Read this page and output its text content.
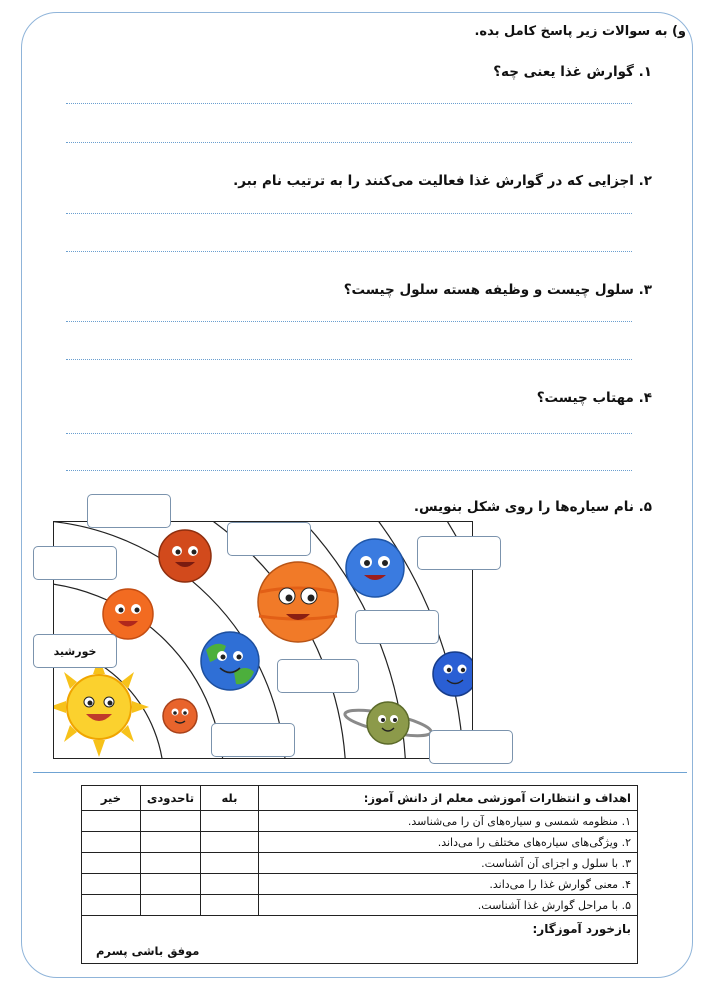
و) به سوالات زیر پاسخ کامل بده.
۱. گوارش غذا یعنی چه؟
۲. اجزایی که در گوارش غذا فعالیت می‌کنند را به ترتیب نام ببر.
۳. سلول چیست و وظیفه هسته سلول چیست؟
۴. مهتاب چیست؟
۵. نام سیاره‌ها را روی شکل بنویس.
خورشید
اهداف و انتظارات آموزشی معلم از دانش آموز:	بله	تاحدودی	خیر
۱. منظومه شمسی و سیاره‌های آن را می‌شناسد.			
۲. ویژگی‌های سیاره‌های مختلف را می‌داند.			
۳. با سلول و اجزای آن آشناست.			
۴. معنی گوارش غذا را می‌داند.			
۵. با مراحل گوارش غذا آشناست.			

بازخورد آموزگار:
موفق باشی پسرم			
